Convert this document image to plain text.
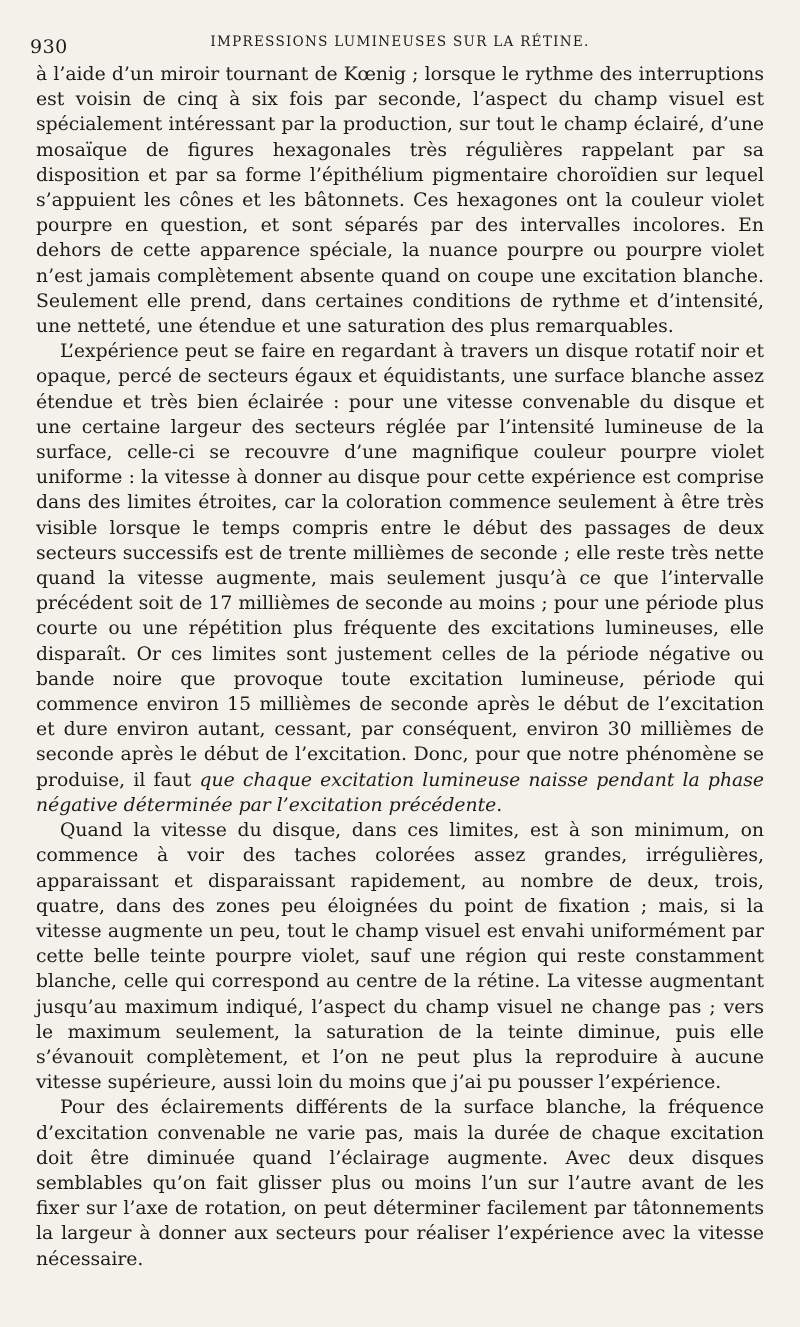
930	IMPRESSIONS LUMINEUSES SUR LA RÉTINE.

à l’aide d’un miroir tournant de Kœnig ; lorsque le rythme des interruptions est voisin de cinq à six fois par seconde, l’aspect du champ visuel est spécialement intéressant par la production, sur tout le champ éclairé, d’une mosaïque de figures hexagonales très régulières rappelant par sa disposition et par sa forme l’épithélium pigmentaire choroïdien sur lequel s’appuient les cônes et les bâtonnets. Ces hexagones ont la couleur violet pourpre en question, et sont séparés par des intervalles incolores. En dehors de cette apparence spéciale, la nuance pourpre ou pourpre violet n’est jamais complètement absente quand on coupe une excitation blanche. Seulement elle prend, dans certaines conditions de rythme et d’intensité, une netteté, une étendue et une saturation des plus remarquables.

L’expérience peut se faire en regardant à travers un disque rotatif noir et opaque, percé de secteurs égaux et équidistants, une surface blanche assez étendue et très bien éclairée : pour une vitesse convenable du disque et une certaine largeur des secteurs réglée par l’intensité lumineuse de la surface, celle-ci se recouvre d’une magnifique couleur pourpre violet uniforme : la vitesse à donner au disque pour cette expérience est comprise dans des limites étroites, car la coloration commence seulement à être très visible lorsque le temps compris entre le début des passages de deux secteurs successifs est de trente millièmes de seconde ; elle reste très nette quand la vitesse augmente, mais seulement jusqu’à ce que l’intervalle précédent soit de 17 millièmes de seconde au moins ; pour une période plus courte ou une répétition plus fréquente des excitations lumineuses, elle disparaît. Or ces limites sont justement celles de la période négative ou bande noire que provoque toute excitation lumineuse, période qui commence environ 15 millièmes de seconde après le début de l’excitation et dure environ autant, cessant, par conséquent, environ 30 millièmes de seconde après le début de l’excitation. Donc, pour que notre phénomène se produise, il faut que chaque excitation lumineuse naisse pendant la phase négative déterminée par l’excitation précédente.

Quand la vitesse du disque, dans ces limites, est à son minimum, on commence à voir des taches colorées assez grandes, irrégulières, apparaissant et disparaissant rapidement, au nombre de deux, trois, quatre, dans des zones peu éloignées du point de fixation ; mais, si la vitesse augmente un peu, tout le champ visuel est envahi uniformément par cette belle teinte pourpre violet, sauf une région qui reste constamment blanche, celle qui correspond au centre de la rétine. La vitesse augmentant jusqu’au maximum indiqué, l’aspect du champ visuel ne change pas ; vers le maximum seulement, la saturation de la teinte diminue, puis elle s’évanouit complètement, et l’on ne peut plus la reproduire à aucune vitesse supérieure, aussi loin du moins que j’ai pu pousser l’expérience.

Pour des éclairements différents de la surface blanche, la fréquence d’excitation convenable ne varie pas, mais la durée de chaque excitation doit être diminuée quand l’éclairage augmente. Avec deux disques semblables qu’on fait glisser plus ou moins l’un sur l’autre avant de les fixer sur l’axe de rotation, on peut déterminer facilement par tâtonnements la largeur à donner aux secteurs pour réaliser l’expérience avec la vitesse nécessaire.
